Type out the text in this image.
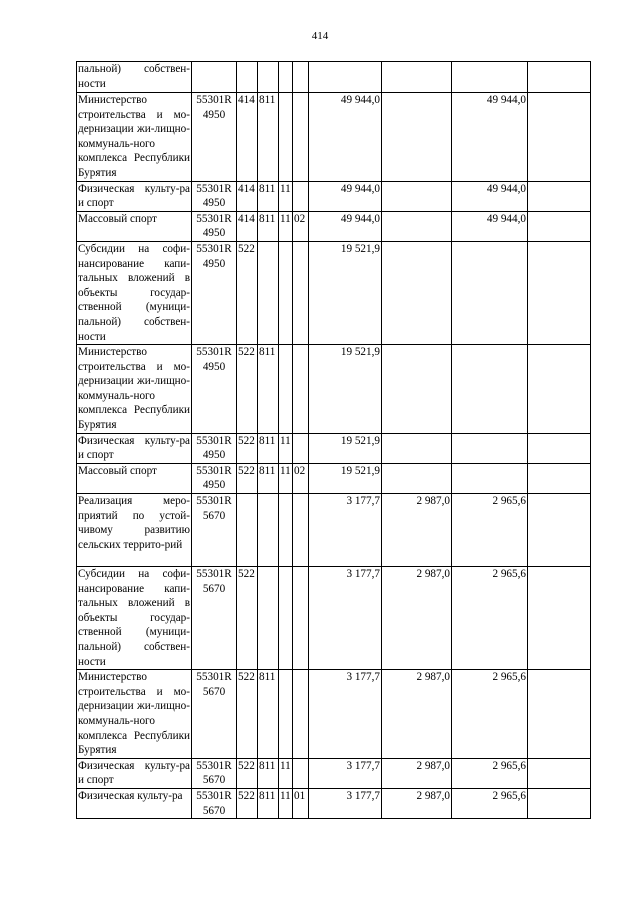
414
пальной) собствен-ности									
Министерство строительства и мо-дернизации жи-лищно-коммуналь-ного комплекса Республики Бурятия	55301R 4950	414	811			49 944,0		49 944,0	
Физическая культу-ра и спорт	55301R 4950	414	811	11		49 944,0		49 944,0	
Массовый спорт	55301R 4950	414	811	11	02	49 944,0		49 944,0	
Субсидии на софи-нансирование капи-тальных вложений в объекты государ-ственной (муници-пальной) собствен-ности	55301R 4950	522				19 521,9			
Министерство строительства и мо-дернизации жи-лищно-коммуналь-ного комплекса Республики Бурятия	55301R 4950	522	811			19 521,9			
Физическая культу-ра и спорт	55301R 4950	522	811	11		19 521,9			
Массовый спорт	55301R 4950	522	811	11	02	19 521,9			
Реализация меро-приятий по устой-чивому развитию сельских террито-рий	55301R 5670					3 177,7	2 987,0	2 965,6	
Субсидии на софи-нансирование капи-тальных вложений в объекты государ-ственной (муници-пальной) собствен-ности	55301R 5670	522				3 177,7	2 987,0	2 965,6	
Министерство строительства и мо-дернизации жи-лищно-коммуналь-ного комплекса Республики Бурятия	55301R 5670	522	811			3 177,7	2 987,0	2 965,6	
Физическая культу-ра и спорт	55301R 5670	522	811	11		3 177,7	2 987,0	2 965,6	
Физическая культу-ра	55301R 5670	522	811	11	01	3 177,7	2 987,0	2 965,6	
